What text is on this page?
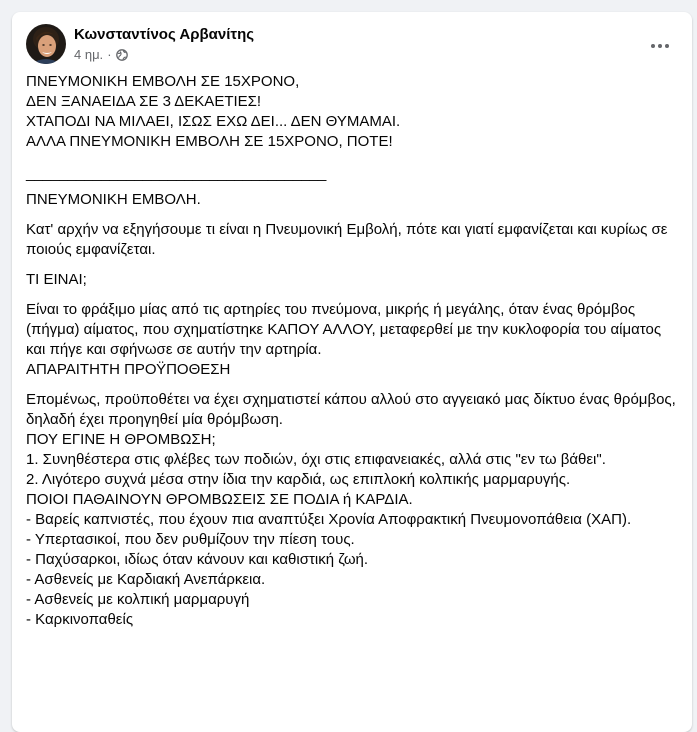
Κωνσταντίνος Αρβανίτης
4 ημ. ·

ΠΝΕΥΜΟΝΙΚΗ ΕΜΒΟΛΗ ΣΕ 15ΧΡΟΝΟ,

ΔΕΝ ΞΑΝΑΕΙΔΑ ΣΕ 3 ΔΕΚΑΕΤΙΕΣ!

ΧΤΑΠΟΔΙ ΝΑ ΜΙΛΑΕΙ, ΙΣΩΣ ΕΧΩ ΔΕΙ... ΔΕΝ ΘΥΜΑΜΑΙ.

ΑΛΛΑ ΠΝΕΥΜΟΝΙΚΗ ΕΜΒΟΛΗ ΣΕ 15ΧΡΟΝΟ, ΠΟΤΕ!

____________________________________

ΠΝΕΥΜΟΝΙΚΗ ΕΜΒΟΛΗ.

Κατ' αρχήν να εξηγήσουμε τι είναι η Πνευμονική Εμβολή, πότε και γιατί εμφανίζεται και κυρίως σε ποιούς εμφανίζεται.

ΤΙ ΕΙΝΑΙ;

Είναι το φράξιμο μίας από τις αρτηρίες του πνεύμονα, μικρής ή μεγάλης, όταν ένας θρόμβος (πήγμα) αίματος, που σχηματίστηκε ΚΑΠΟΥ ΑΛΛΟΥ, μεταφερθεί με την κυκλοφορία του αίματος και πήγε και σφήνωσε σε αυτήν την αρτηρία.

ΑΠΑΡΑΙΤΗΤΗ ΠΡΟΫΠΟΘΕΣΗ

Επομένως, προϋποθέτει να έχει σχηματιστεί κάπου αλλού στο αγγειακό μας δίκτυο ένας θρόμβος, δηλαδή έχει προηγηθεί μία θρόμβωση.

ΠΟΥ ΕΓΙΝΕ Η ΘΡΟΜΒΩΣΗ;

1. Συνηθέστερα στις φλέβες των ποδιών, όχι στις επιφανειακές, αλλά στις "εν τω βάθει".

2. Λιγότερο συχνά μέσα στην ίδια την καρδιά, ως επιπλοκή κολπικής μαρμαρυγής.

ΠΟΙΟΙ ΠΑΘΑΙΝΟΥΝ ΘΡΟΜΒΩΣΕΙΣ ΣΕ ΠΟΔΙΑ ή ΚΑΡΔΙΑ.

- Βαρείς καπνιστές, που έχουν πια αναπτύξει Χρονία Αποφρακτική Πνευμονοπάθεια (ΧΑΠ).

- Υπερτασικοί, που δεν ρυθμίζουν την πίεση τους.

- Παχύσαρκοι, ιδίως όταν κάνουν και καθιστική ζωή.

- Ασθενείς με Καρδιακή Ανεπάρκεια.

- Ασθενείς με κολπική μαρμαρυγή

- Καρκινοπαθείς
